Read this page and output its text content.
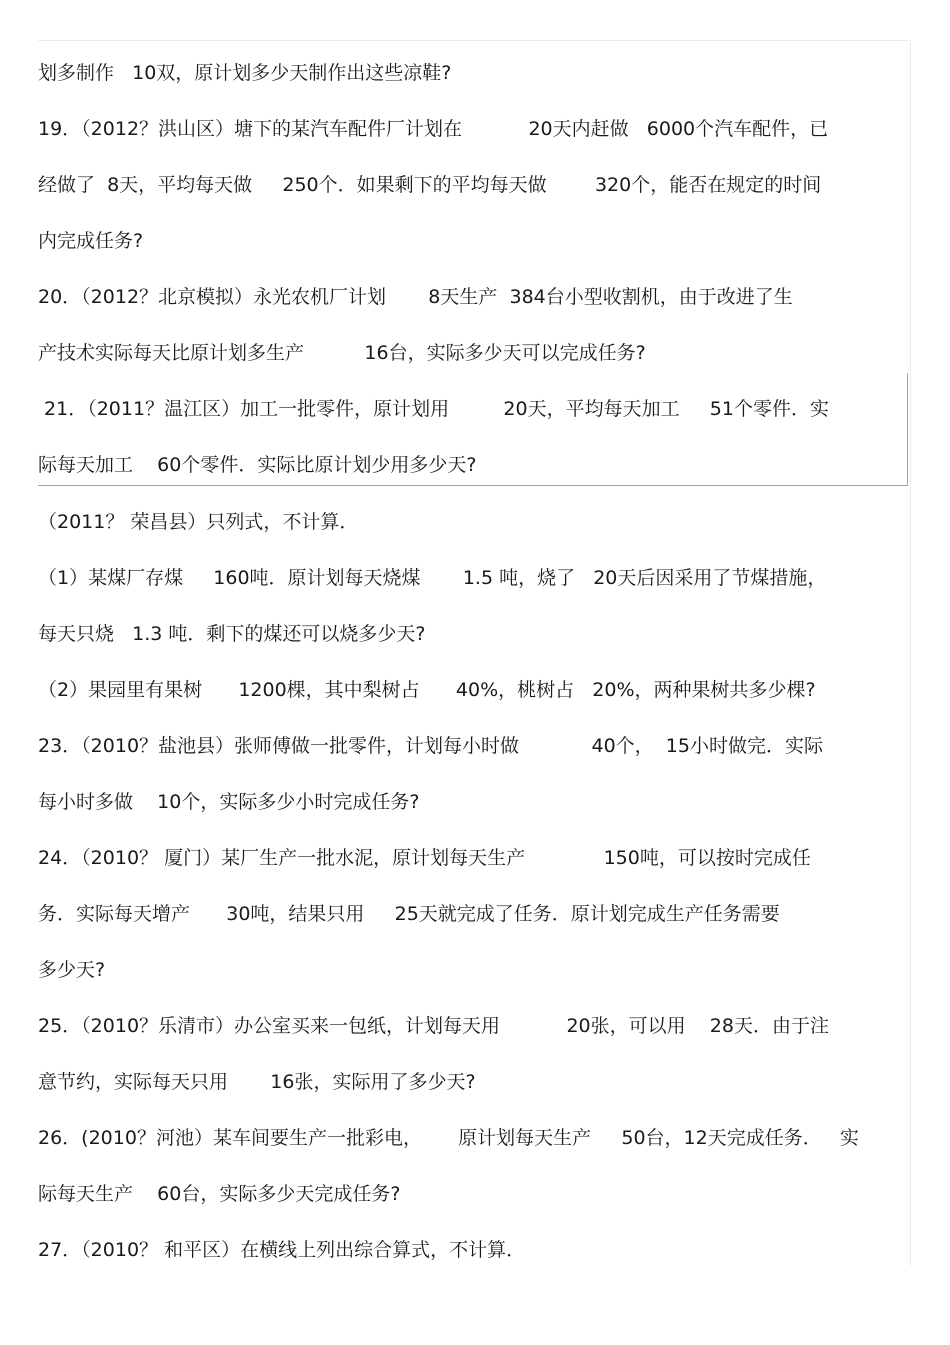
划多制作   10双，原计划多少天制作出这些凉鞋?
19．（2012？洪山区）塘下的某汽车配件厂计划在           20天内赶做   6000个汽车配件，已
经做了  8天，平均每天做     250个．如果剩下的平均每天做        320个，能否在规定的时间
内完成任务?
20．（2012？北京模拟）永光农机厂计划       8天生产  384台小型收割机，由于改进了生
产技术实际每天比原计划多生产          16台，实际多少天可以完成任务?
21．（2011？温江区）加工一批零件，原计划用         20天，平均每天加工     51个零件．实
际每天加工    60个零件．实际比原计划少用多少天?
（2011？ 荣昌县）只列式，不计算．
（1）某煤厂存煤     160吨．原计划每天烧煤       1.5 吨，烧了   20天后因采用了节煤措施，
每天只烧   1.3 吨．剩下的煤还可以烧多少天?
（2）果园里有果树      1200棵，其中梨树占      40%，桃树占   20%，两种果树共多少棵?
23．（2010？盐池县）张师傅做一批零件，计划每小时做            40个，  15小时做完．实际
每小时多做    10个，实际多少小时完成任务?
24．（2010？ 厦门）某厂生产一批水泥，原计划每天生产             150吨，可以按时完成任
务．实际每天增产      30吨，结果只用     25天就完成了任务．原计划完成生产任务需要
多少天?
25．（2010？乐清市）办公室买来一包纸，计划每天用           20张，可以用    28天．由于注
意节约，实际每天只用       16张，实际用了多少天?
26．(2010？河池）某车间要生产一批彩电，      原计划每天生产     50台，12天完成任务．   实
际每天生产    60台，实际多少天完成任务?
27．（2010？ 和平区）在横线上列出综合算式，不计算．
